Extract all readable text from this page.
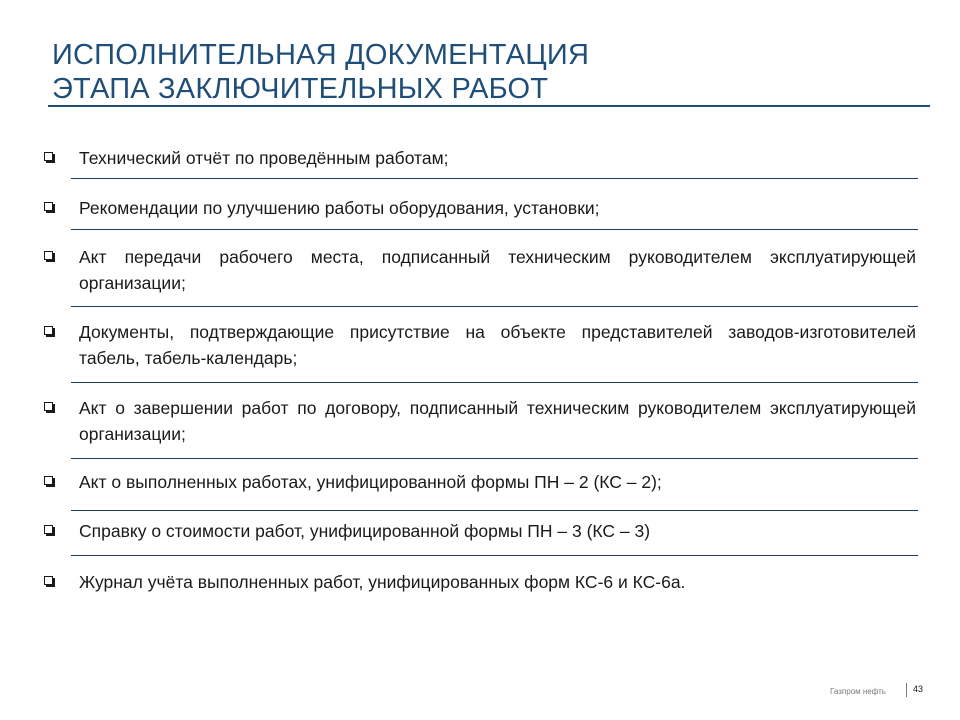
ИСПОЛНИТЕЛЬНАЯ ДОКУМЕНТАЦИЯ
ЭТАПА ЗАКЛЮЧИТЕЛЬНЫХ РАБОТ
Технический отчёт по проведённым работам;
Рекомендации по улучшению работы оборудования, установки;
Акт передачи рабочего места, подписанный техническим руководителем эксплуатирующей организации;
Документы, подтверждающие присутствие на объекте представителей заводов-изготовителей табель, табель-календарь;
Акт о завершении работ по договору, подписанный техническим руководителем эксплуатирующей организации;
Акт о выполненных работах, унифицированной формы ПН – 2 (КС – 2);
Справку о стоимости работ, унифицированной формы ПН – 3 (КС – 3)
Журнал учёта выполненных работ, унифицированных форм КС-6 и КС-6а.
Газпром нефть	43
